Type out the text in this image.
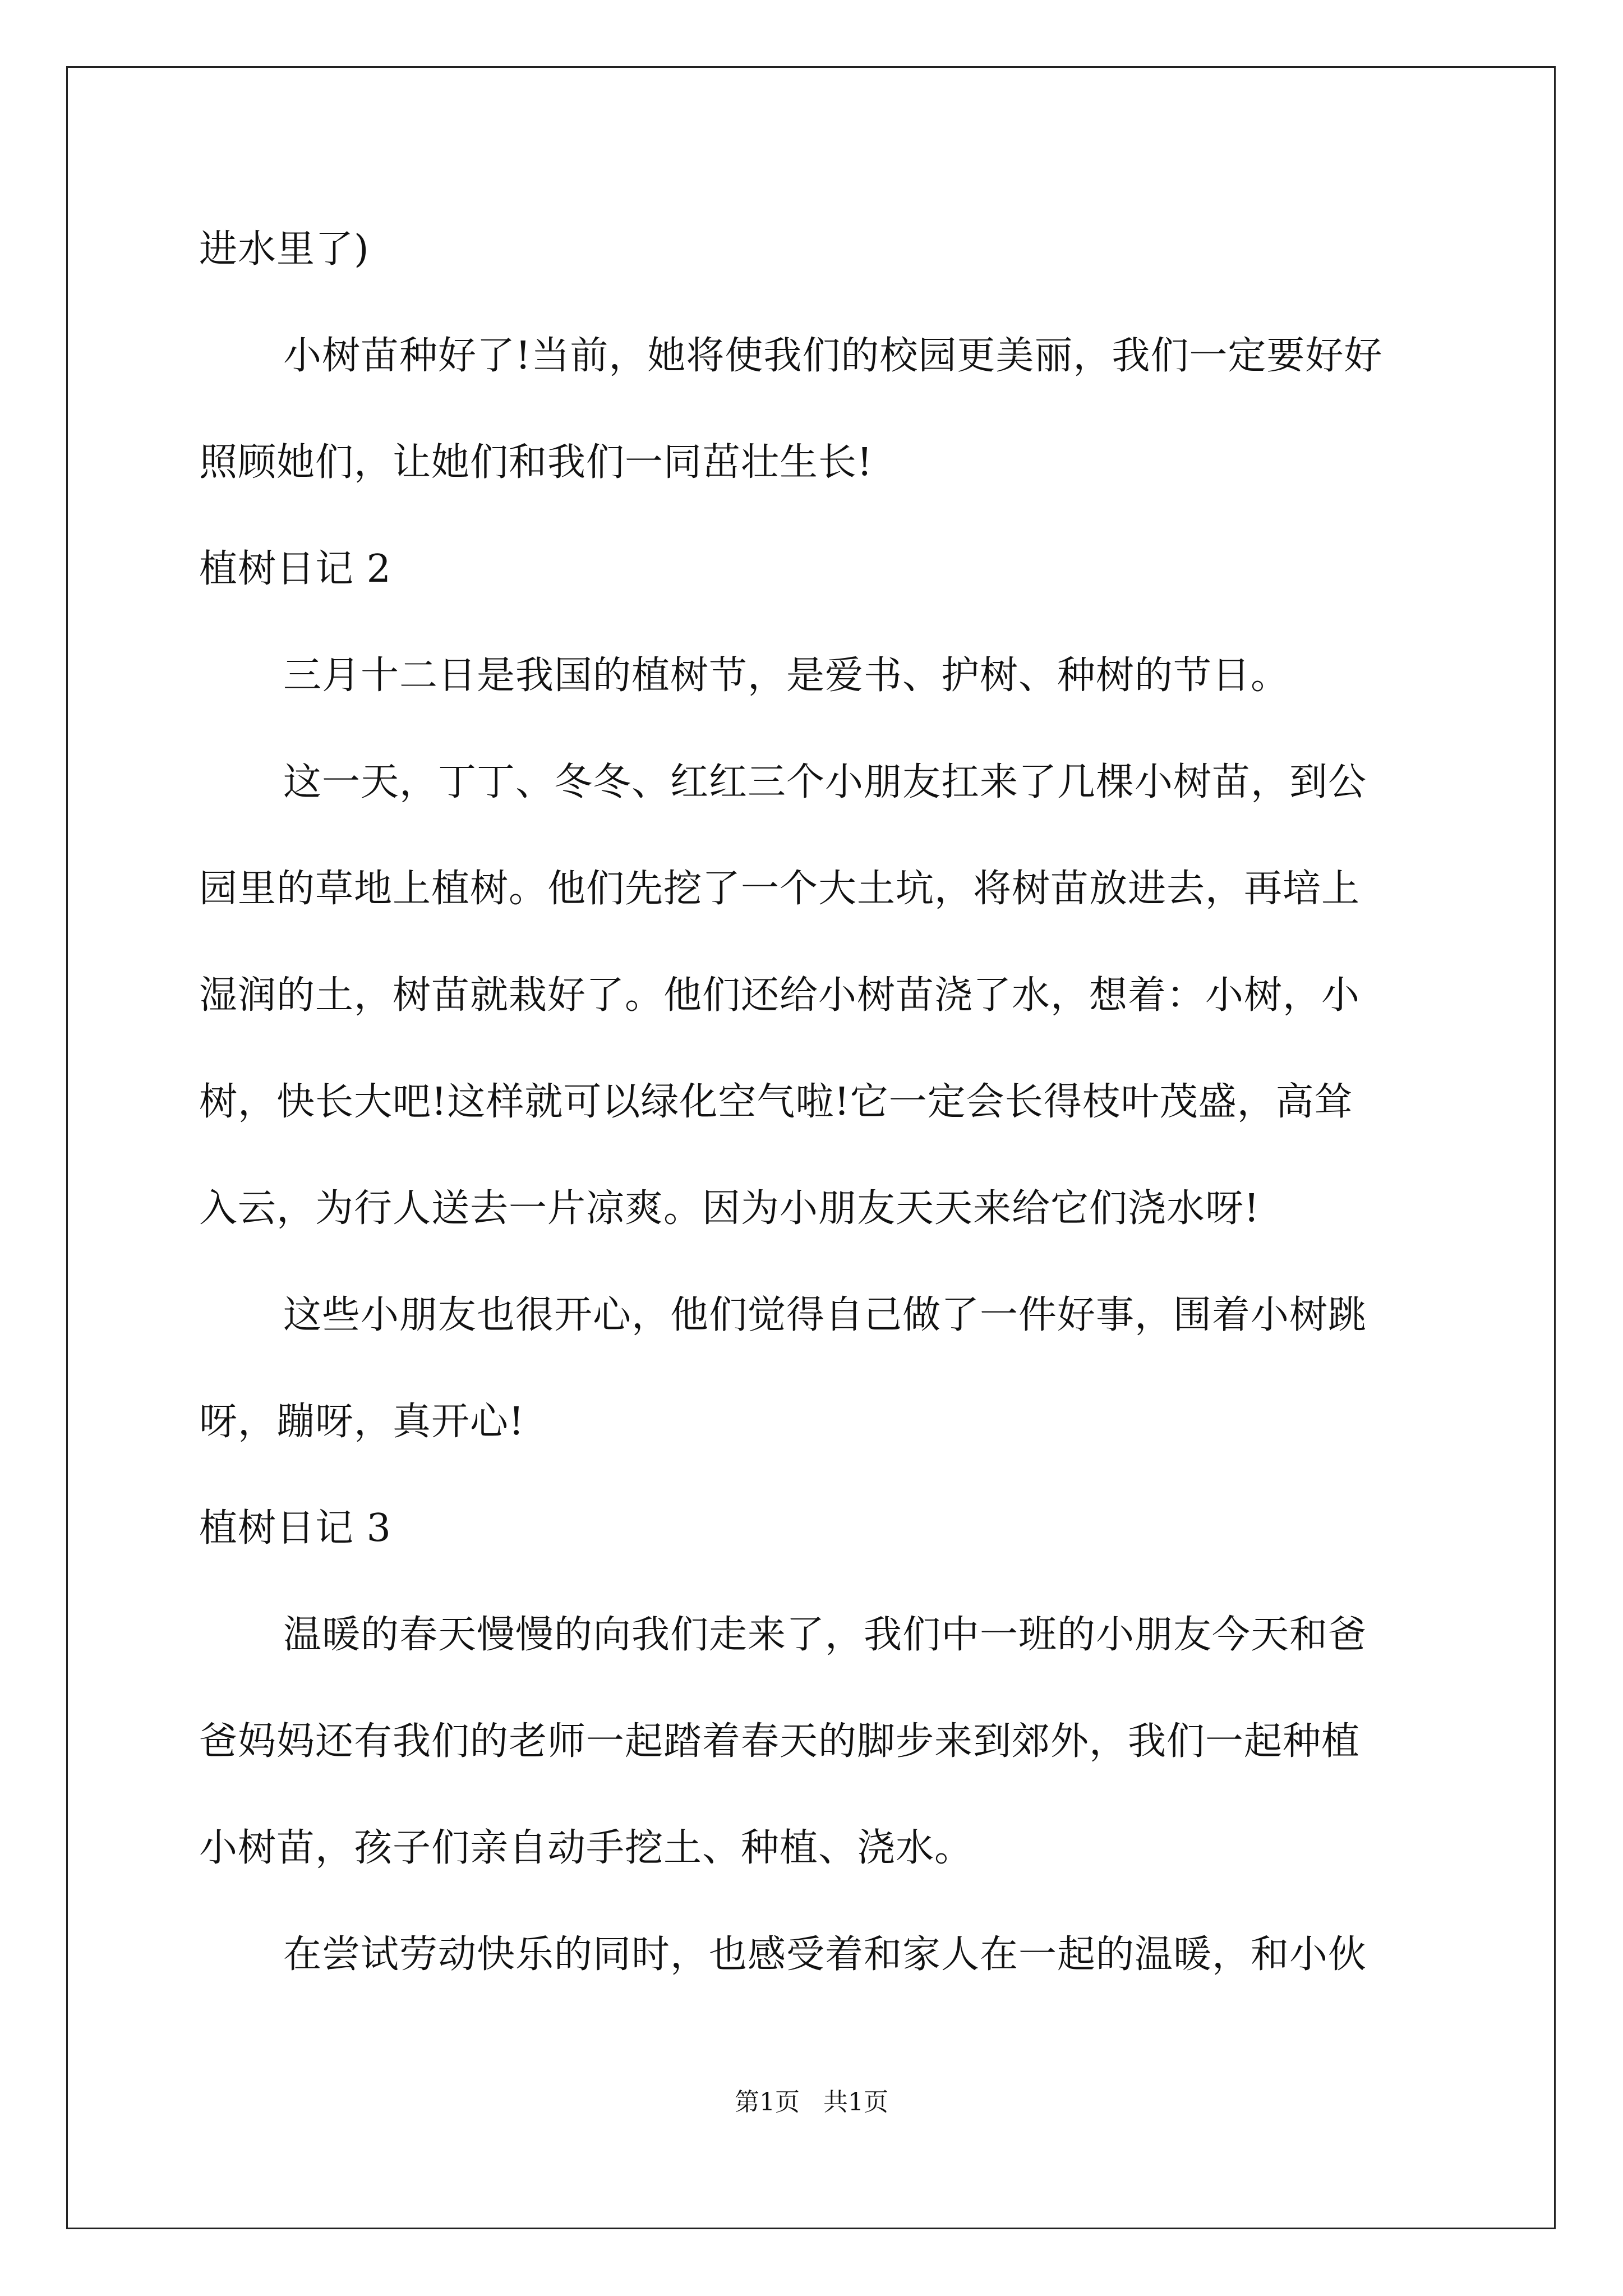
进水里了)
小树苗种好了!当前，她将使我们的校园更美丽，我们一定要好好
照顾她们，让她们和我们一同茁壮生长!
植树日记 2
三月十二日是我国的植树节，是爱书、护树、种树的节日。
这一天，丁丁、冬冬、红红三个小朋友扛来了几棵小树苗，到公
园里的草地上植树。他们先挖了一个大土坑，将树苗放进去，再培上
湿润的土，树苗就栽好了。他们还给小树苗浇了水，想着：小树，小
树，快长大吧!这样就可以绿化空气啦!它一定会长得枝叶茂盛，高耸
入云，为行人送去一片凉爽。因为小朋友天天来给它们浇水呀!
这些小朋友也很开心，他们觉得自己做了一件好事，围着小树跳
呀，蹦呀，真开心!
植树日记 3
温暖的春天慢慢的向我们走来了，我们中一班的小朋友今天和爸
爸妈妈还有我们的老师一起踏着春天的脚步来到郊外，我们一起种植
小树苗，孩子们亲自动手挖土、种植、浇水。
在尝试劳动快乐的同时，也感受着和家人在一起的温暖，和小伙
第1页   共1页
